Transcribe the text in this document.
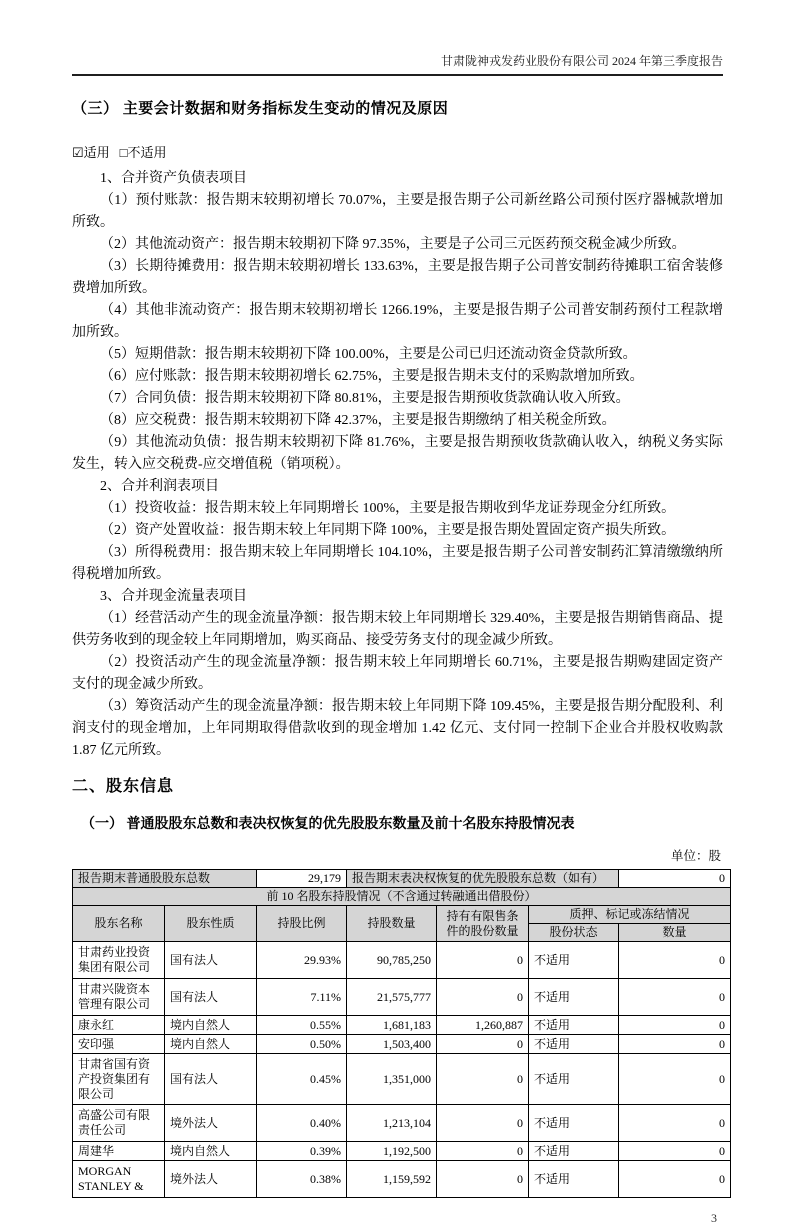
甘肃陇神戎发药业股份有限公司 2024 年第三季度报告
（三） 主要会计数据和财务指标发生变动的情况及原因
☑适用 □不适用
1、合并资产负债表项目
（1）预付账款：报告期末较期初增长 70.07%，主要是报告期子公司新丝路公司预付医疗器械款增加所致。
（2）其他流动资产：报告期末较期初下降 97.35%，主要是子公司三元医药预交税金减少所致。
（3）长期待摊费用：报告期末较期初增长 133.63%，主要是报告期子公司普安制药待摊职工宿舍装修费增加所致。
（4）其他非流动资产：报告期末较期初增长 1266.19%，主要是报告期子公司普安制药预付工程款增加所致。
（5）短期借款：报告期末较期初下降 100.00%，主要是公司已归还流动资金贷款所致。
（6）应付账款：报告期末较期初增长 62.75%，主要是报告期未支付的采购款增加所致。
（7）合同负债：报告期末较期初下降 80.81%，主要是报告期预收货款确认收入所致。
（8）应交税费：报告期末较期初下降 42.37%，主要是报告期缴纳了相关税金所致。
（9）其他流动负债：报告期末较期初下降 81.76%，主要是报告期预收货款确认收入，纳税义务实际发生，转入应交税费-应交增值税（销项税）。
2、合并利润表项目
（1）投资收益：报告期末较上年同期增长 100%，主要是报告期收到华龙证券现金分红所致。
（2）资产处置收益：报告期末较上年同期下降 100%，主要是报告期处置固定资产损失所致。
（3）所得税费用：报告期末较上年同期增长 104.10%，主要是报告期子公司普安制药汇算清缴缴纳所得税增加所致。
3、合并现金流量表项目
（1）经营活动产生的现金流量净额：报告期末较上年同期增长 329.40%，主要是报告期销售商品、提供劳务收到的现金较上年同期增加，购买商品、接受劳务支付的现金减少所致。
（2）投资活动产生的现金流量净额：报告期末较上年同期增长 60.71%，主要是报告期购建固定资产支付的现金减少所致。
（3）筹资活动产生的现金流量净额：报告期末较上年同期下降 109.45%，主要是报告期分配股利、利润支付的现金增加，上年同期取得借款收到的现金增加 1.42 亿元、支付同一控制下企业合并股权收购款 1.87 亿元所致。
二、股东信息
（一） 普通股股东总数和表决权恢复的优先股股东数量及前十名股东持股情况表
单位：股
报告期末普通股股东总数		29,179	报告期末表决权恢复的优先股股东总数（如有）			0
前 10 名股东持股情况（不含通过转融通出借股份）						
股东名称	股东性质	持股比例	持股数量	持有有限售条件的股份数量	质押、标记或冻结情况	
					股份状态	数量
甘肃药业投资集团有限公司	国有法人	29.93%	90,785,250	0	不适用	0
甘肃兴陇资本管理有限公司	国有法人	7.11%	21,575,777	0	不适用	0
康永红	境内自然人	0.55%	1,681,183	1,260,887	不适用	0
安印强	境内自然人	0.50%	1,503,400	0	不适用	0
甘肃省国有资产投资集团有限公司	国有法人	0.45%	1,351,000	0	不适用	0
高盛公司有限责任公司	境外法人	0.40%	1,213,104	0	不适用	0
周建华	境内自然人	0.39%	1,192,500	0	不适用	0
MORGAN STANLEY &	境外法人	0.38%	1,159,592	0	不适用	0
3
